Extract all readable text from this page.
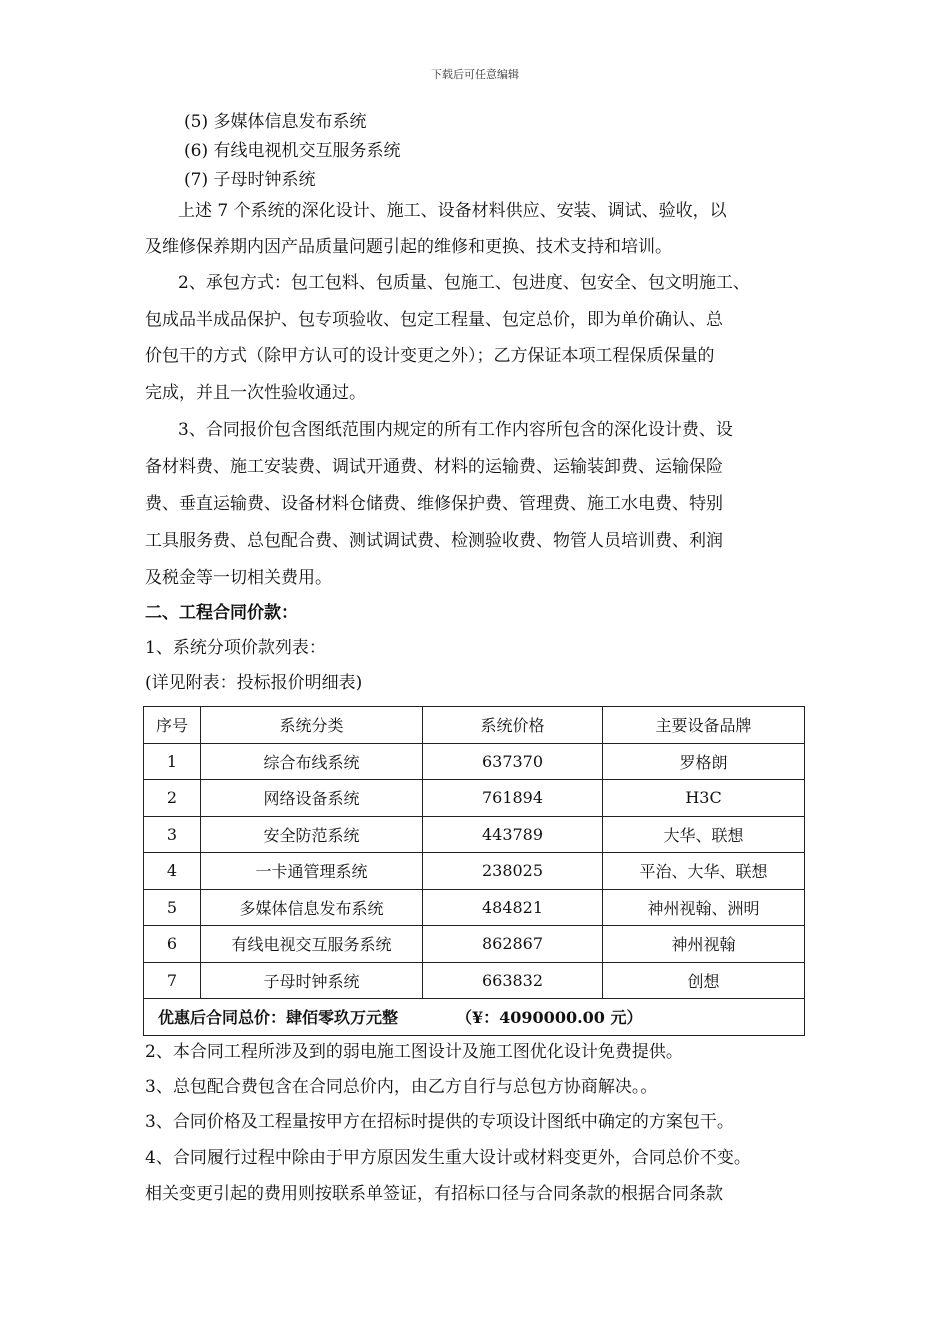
下载后可任意编辑
(5) 多媒体信息发布系统
(6) 有线电视机交互服务系统
(7) 子母时钟系统
上述 7 个系统的深化设计、施工、设备材料供应、安装、调试、验收，以
及维修保养期内因产品质量问题引起的维修和更换、技术支持和培训。
2、承包方式：包工包料、包质量、包施工、包进度、包安全、包文明施工、
包成品半成品保护、包专项验收、包定工程量、包定总价，即为单价确认、总
价包干的方式（除甲方认可的设计变更之外）；乙方保证本项工程保质保量的
完成，并且一次性验收通过。
3、合同报价包含图纸范围内规定的所有工作内容所包含的深化设计费、设
备材料费、施工安装费、调试开通费、材料的运输费、运输装卸费、运输保险
费、垂直运输费、设备材料仓储费、维修保护费、管理费、施工水电费、特别
工具服务费、总包配合费、测试调试费、检测验收费、物管人员培训费、利润
及税金等一切相关费用。
二、工程合同价款：
1、系统分项价款列表：
(详见附表：投标报价明细表)
序号	系统分类	系统价格	主要设备品牌
1	综合布线系统	637370	罗格朗
2	网络设备系统	761894	H3C
3	安全防范系统	443789	大华、联想
4	一卡通管理系统	238025	平治、大华、联想
5	多媒体信息发布系统	484821	神州视翰、洲明
6	有线电视交互服务系统	862867	神州视翰
7	子母时钟系统	663832	创想
优惠后合同总价：肆佰零玖万元整 （¥：4090000.00 元）			
2、本合同工程所涉及到的弱电施工图设计及施工图优化设计免费提供。
3、总包配合费包含在合同总价内，由乙方自行与总包方协商解决。。
3、合同价格及工程量按甲方在招标时提供的专项设计图纸中确定的方案包干。
4、合同履行过程中除由于甲方原因发生重大设计或材料变更外，合同总价不变。
相关变更引起的费用则按联系单签证，有招标口径与合同条款的根据合同条款
